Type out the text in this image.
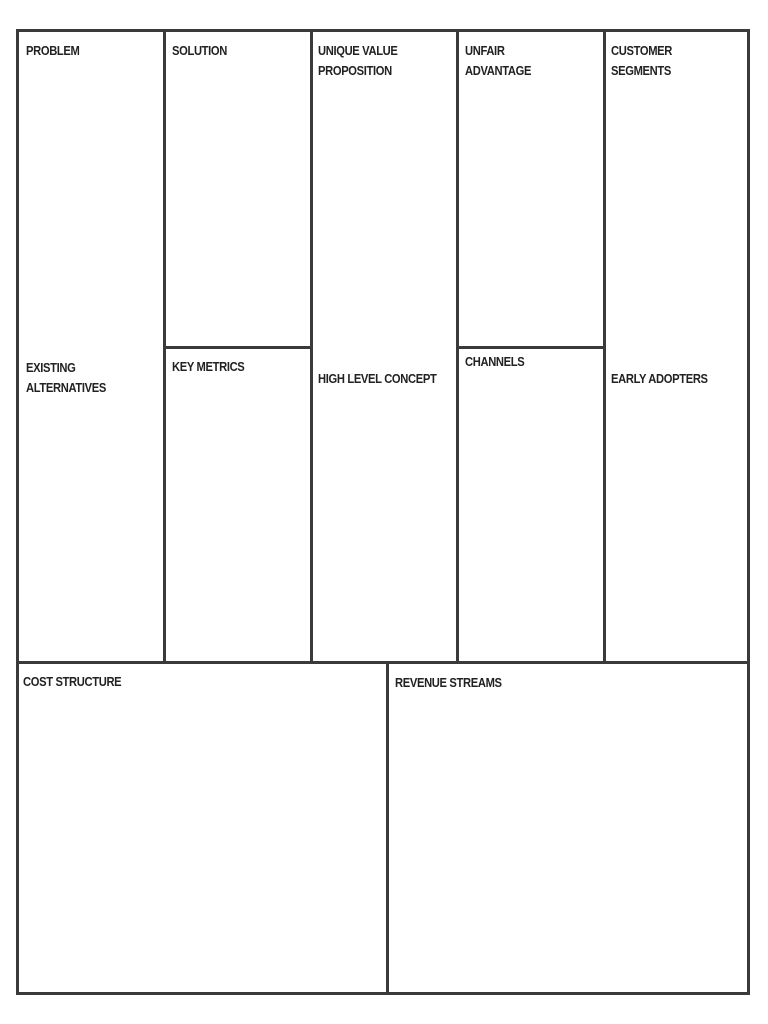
PROBLEM
EXISTING
ALTERNATIVES
SOLUTION
KEY METRICS
UNIQUE VALUE
PROPOSITION
HIGH LEVEL CONCEPT
UNFAIR
ADVANTAGE
CHANNELS
CUSTOMER
SEGMENTS
EARLY ADOPTERS
COST STRUCTURE	REVENUE STREAMS
